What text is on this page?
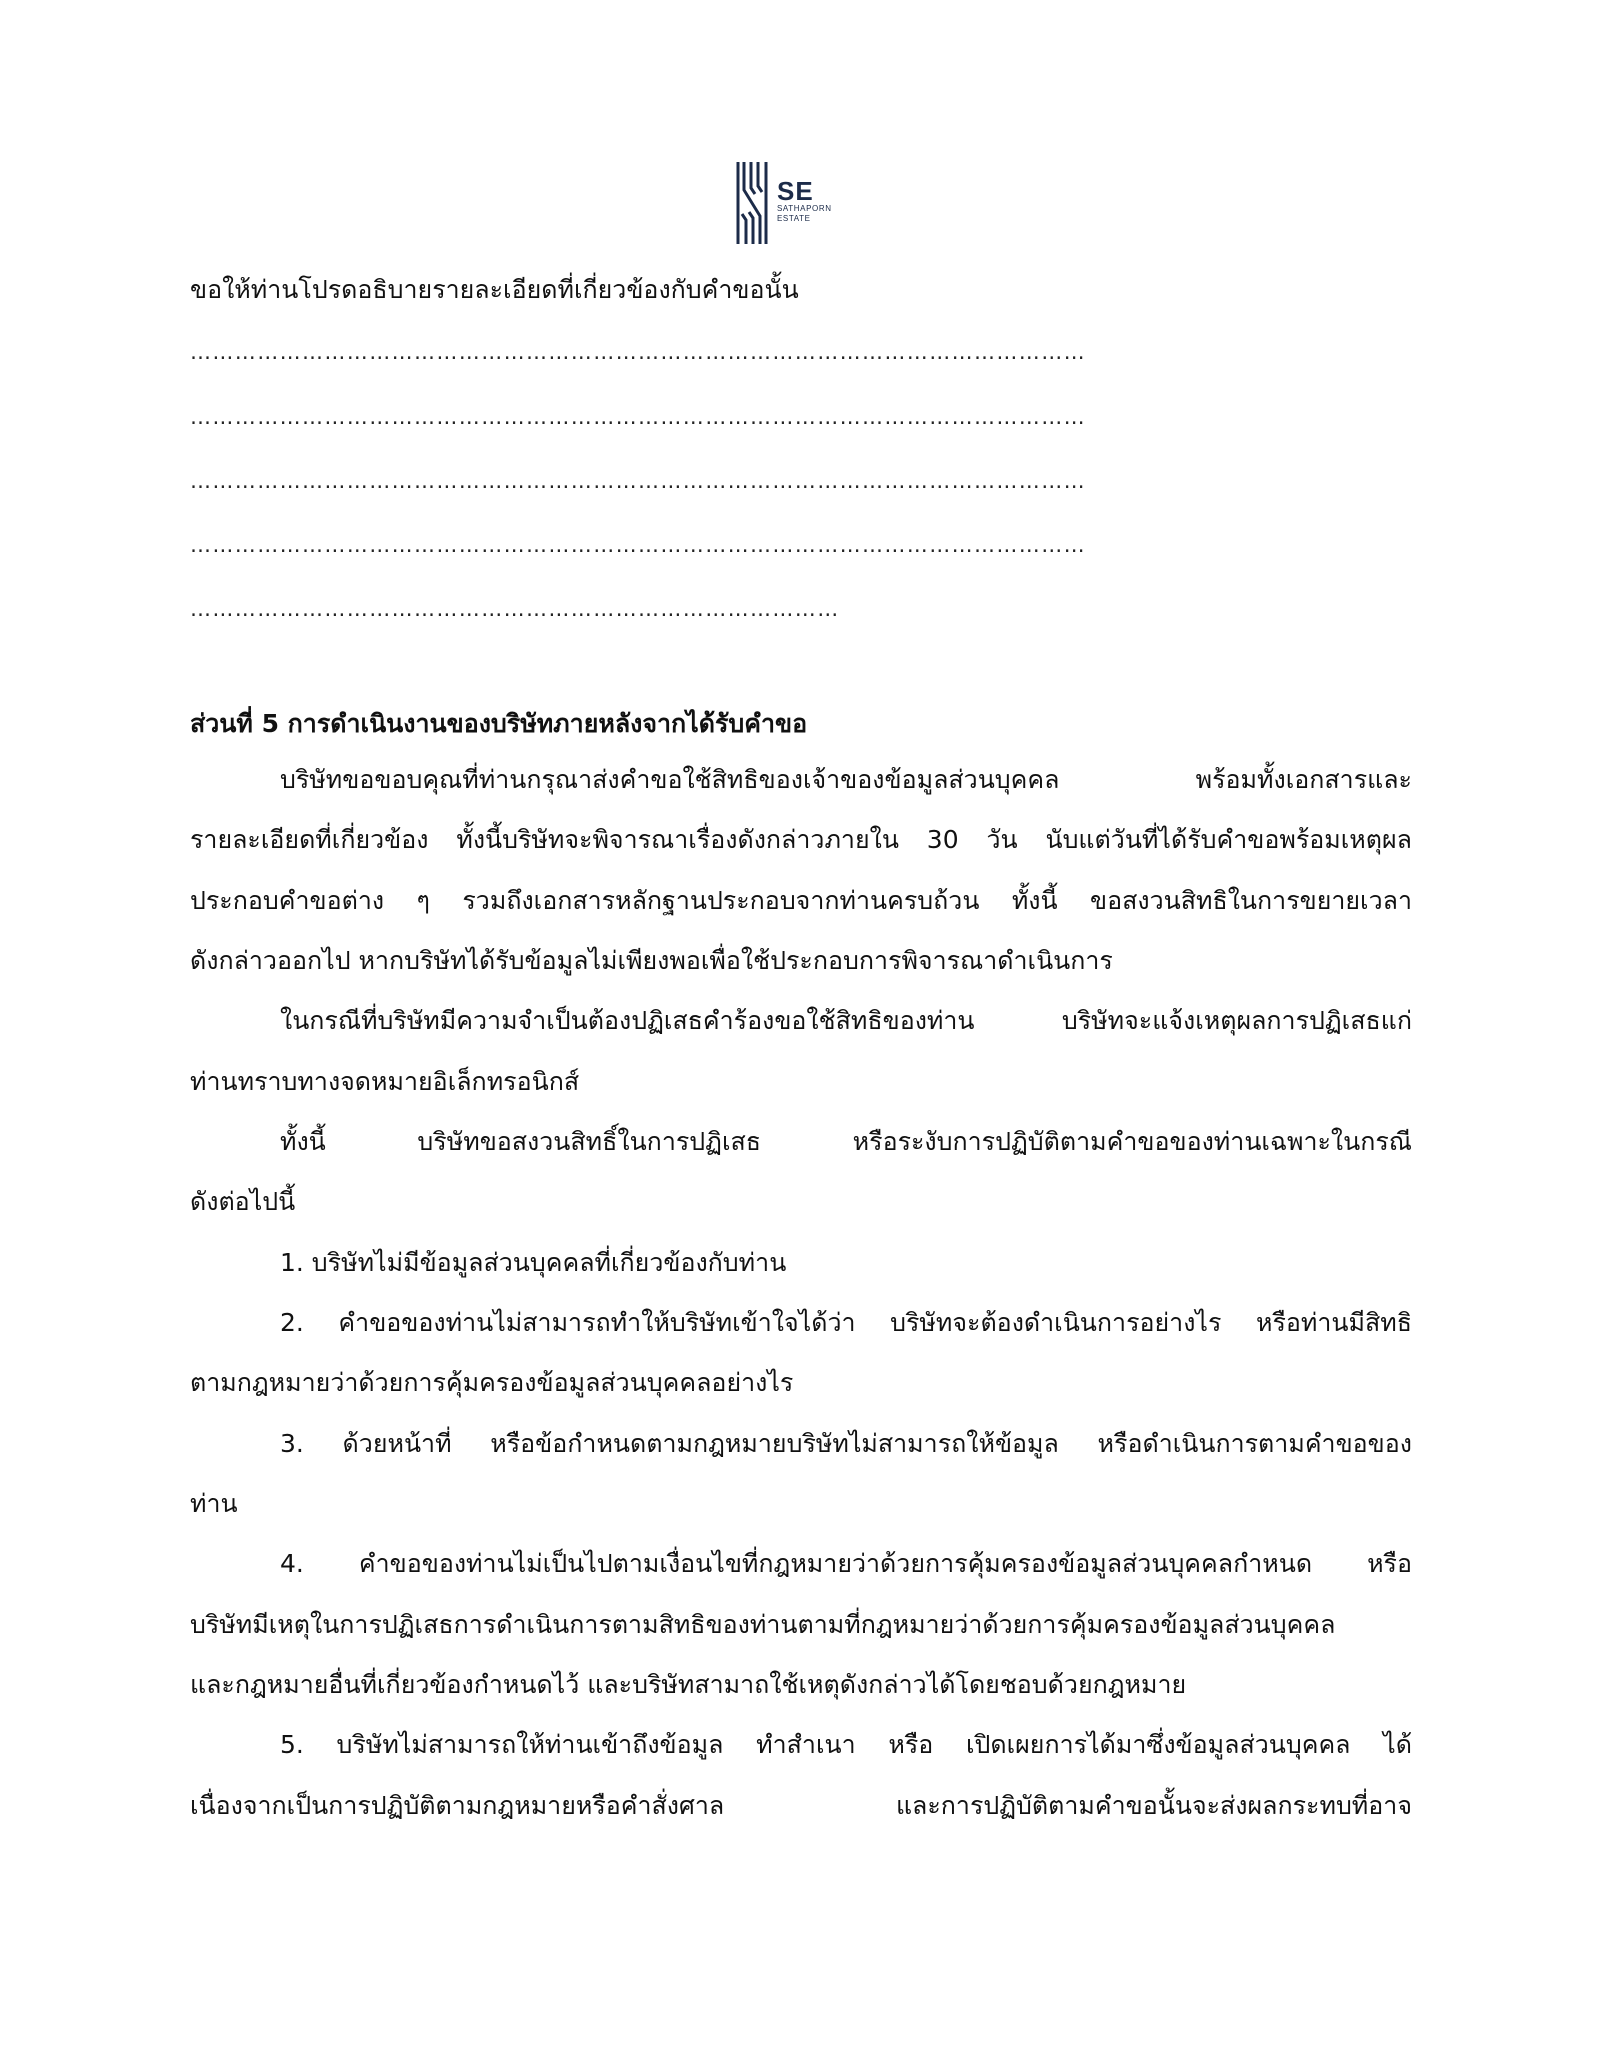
SE
SATHAPORN
ESTATE
ขอให้ท่านโปรดอธิบายรายละเอียดที่เกี่ยวข้องกับคำขอนั้น
…………………………………………………………………………………………………………
…………………………………………………………………………………………………………
…………………………………………………………………………………………………………
…………………………………………………………………………………………………………
……………………………………………………………………………
ส่วนที่ 5 การดำเนินงานของบริษัทภายหลังจากได้รับคำขอ
บริษัทขอขอบคุณที่ท่านกรุณาส่งคำขอใช้สิทธิของเจ้าของข้อมูลส่วนบุคคล พร้อมทั้งเอกสารและ
รายละเอียดที่เกี่ยวข้อง ทั้งนี้บริษัทจะพิจารณาเรื่องดังกล่าวภายใน 30 วัน นับแต่วันที่ได้รับคำขอพร้อมเหตุผล
ประกอบคำขอต่าง ๆ รวมถึงเอกสารหลักฐานประกอบจากท่านครบถ้วน ทั้งนี้ ขอสงวนสิทธิในการขยายเวลา
ดังกล่าวออกไป หากบริษัทได้รับข้อมูลไม่เพียงพอเพื่อใช้ประกอบการพิจารณาดำเนินการ
ในกรณีที่บริษัทมีความจำเป็นต้องปฏิเสธคำร้องขอใช้สิทธิของท่าน บริษัทจะแจ้งเหตุผลการปฏิเสธแก่
ท่านทราบทางจดหมายอิเล็กทรอนิกส์
ทั้งนี้ บริษัทขอสงวนสิทธิ์ในการปฏิเสธ หรือระงับการปฏิบัติตามคำขอของท่านเฉพาะในกรณี
ดังต่อไปนี้
1. บริษัทไม่มีข้อมูลส่วนบุคคลที่เกี่ยวข้องกับท่าน
2. คำขอของท่านไม่สามารถทำให้บริษัทเข้าใจได้ว่า บริษัทจะต้องดำเนินการอย่างไร หรือท่านมีสิทธิ
ตามกฎหมายว่าด้วยการคุ้มครองข้อมูลส่วนบุคคลอย่างไร
3. ด้วยหน้าที่ หรือข้อกำหนดตามกฎหมายบริษัทไม่สามารถให้ข้อมูล หรือดำเนินการตามคำขอของ
ท่าน
4. คำขอของท่านไม่เป็นไปตามเงื่อนไขที่กฎหมายว่าด้วยการคุ้มครองข้อมูลส่วนบุคคลกำหนด หรือ
บริษัทมีเหตุในการปฏิเสธการดำเนินการตามสิทธิของท่านตามที่กฎหมายว่าด้วยการคุ้มครองข้อมูลส่วนบุคคล
และกฎหมายอื่นที่เกี่ยวข้องกำหนดไว้ และบริษัทสามาถใช้เหตุดังกล่าวได้โดยชอบด้วยกฎหมาย
5. บริษัทไม่สามารถให้ท่านเข้าถึงข้อมูล ทำสำเนา หรือ เปิดเผยการได้มาซึ่งข้อมูลส่วนบุคคล ได้
เนื่องจากเป็นการปฏิบัติตามกฎหมายหรือคำสั่งศาล และการปฏิบัติตามคำขอนั้นจะส่งผลกระทบที่อาจ
